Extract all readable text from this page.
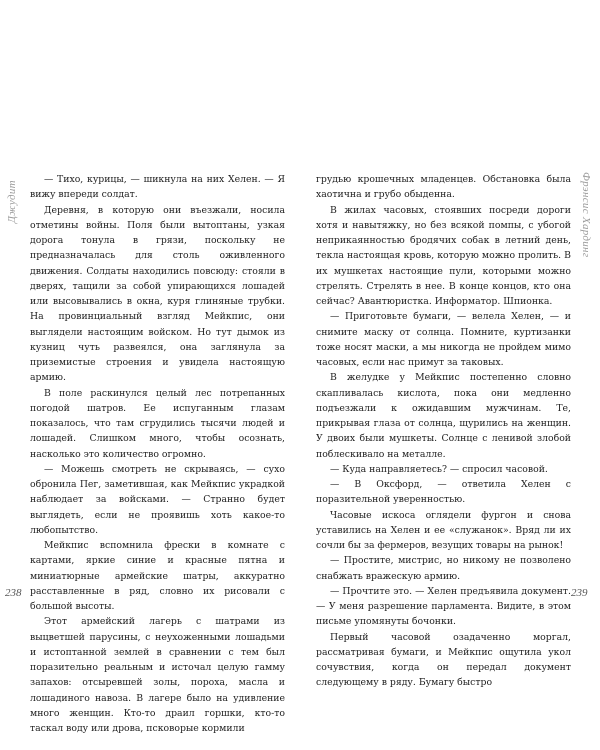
Джудит

— Тихо, курицы, — шикнула на них Хелен. — Я вижу впереди солдат.

Деревня, в которую они въезжали, носила отметины войны. Поля были вытоптаны, узкая дорога тонула в грязи, поскольку не предназначалась для столь оживленного движения. Солдаты находились повсюду: стояли в дверях, тащили за собой упирающихся лошадей или высовывались в окна, куря глиняные трубки. На провинциальный взгляд Мейкпис, они выглядели настоящим войском. Но тут дымок из кузниц чуть развеялся, она заглянула за приземистые строения и увидела настоящую армию.

В поле раскинулся целый лес потрепанных погодой шатров. Ее испуганным глазам показалось, что там сгрудились тысячи людей и лошадей. Слишком много, чтобы осознать, насколько это количество огромно.

— Можешь смотреть не скрываясь, — сухо обронила Пег, заметившая, как Мейкпис украдкой наблюдает за войсками. — Странно будет выглядеть, если не проявишь хоть какое-то любопытство.

Мейкпис вспомнила фрески в комнате с картами, яркие синие и красные пятна и миниатюрные армейские шатры, аккуратно расставленные в ряд, словно их рисовали с большой высоты.

Этот армейский лагерь с шатрами из выцветшей парусины, с неухоженными лошадьми и истоптанной землей в сравнении с тем был поразительно реальным и источал целую гамму запахов: отсыревшей золы, пороха, масла и лошадиного навоза. В лагере было на удивление много женщин. Кто-то драил горшки, кто-то таскал воду или дрова, псковорые кормили

238
Фрэнсис Хардинг

грудью крошечных младенцев. Обстановка была хаотична и грубо обыденна.

В жилах часовых, стоявших посреди дороги хотя и навытяжку, но без всякой помпы, с убогой неприкаянностью бродячих собак в летний день, текла настоящая кровь, которую можно пролить. В их мушкетах настоящие пули, которыми можно стрелять. Стрелять в нее. В конце концов, кто она сейчас? Авантюристка. Информатор. Шпионка.

— Приготовьте бумаги, — велела Хелен, — и снимите маску от солнца. Помните, куртизанки тоже носят маски, а мы никогда не пройдем мимо часовых, если нас примут за таковых.

В желудке у Мейкпис постепенно словно скапливалась кислота, пока они медленно подъезжали к ожидавшим мужчинам. Те, прикрывая глаза от солнца, щурились на женщин. У двоих были мушкеты. Солнце с ленивой злобой поблескивало на металле.

— Куда направляетесь? — спросил часовой.

— В Оксфорд, — ответила Хелен с поразительной уверенностью.

Часовые искоса оглядели фургон и снова уставились на Хелен и ее «служанок». Вряд ли их сочли бы за фермеров, везущих товары на рынок!

— Простите, мистрис, но никому не позволено снабжать вражескую армию.

— Прочтите это. — Хелен предъявила документ. — У меня разрешение парламента. Видите, в этом письме упомянуты бочонки.

Первый часовой озадаченно моргал, рассматривая бумаги, и Мейкпис ощутила укол сочувствия, когда он передал документ следующему в ряду. Бумагу быстро

239
